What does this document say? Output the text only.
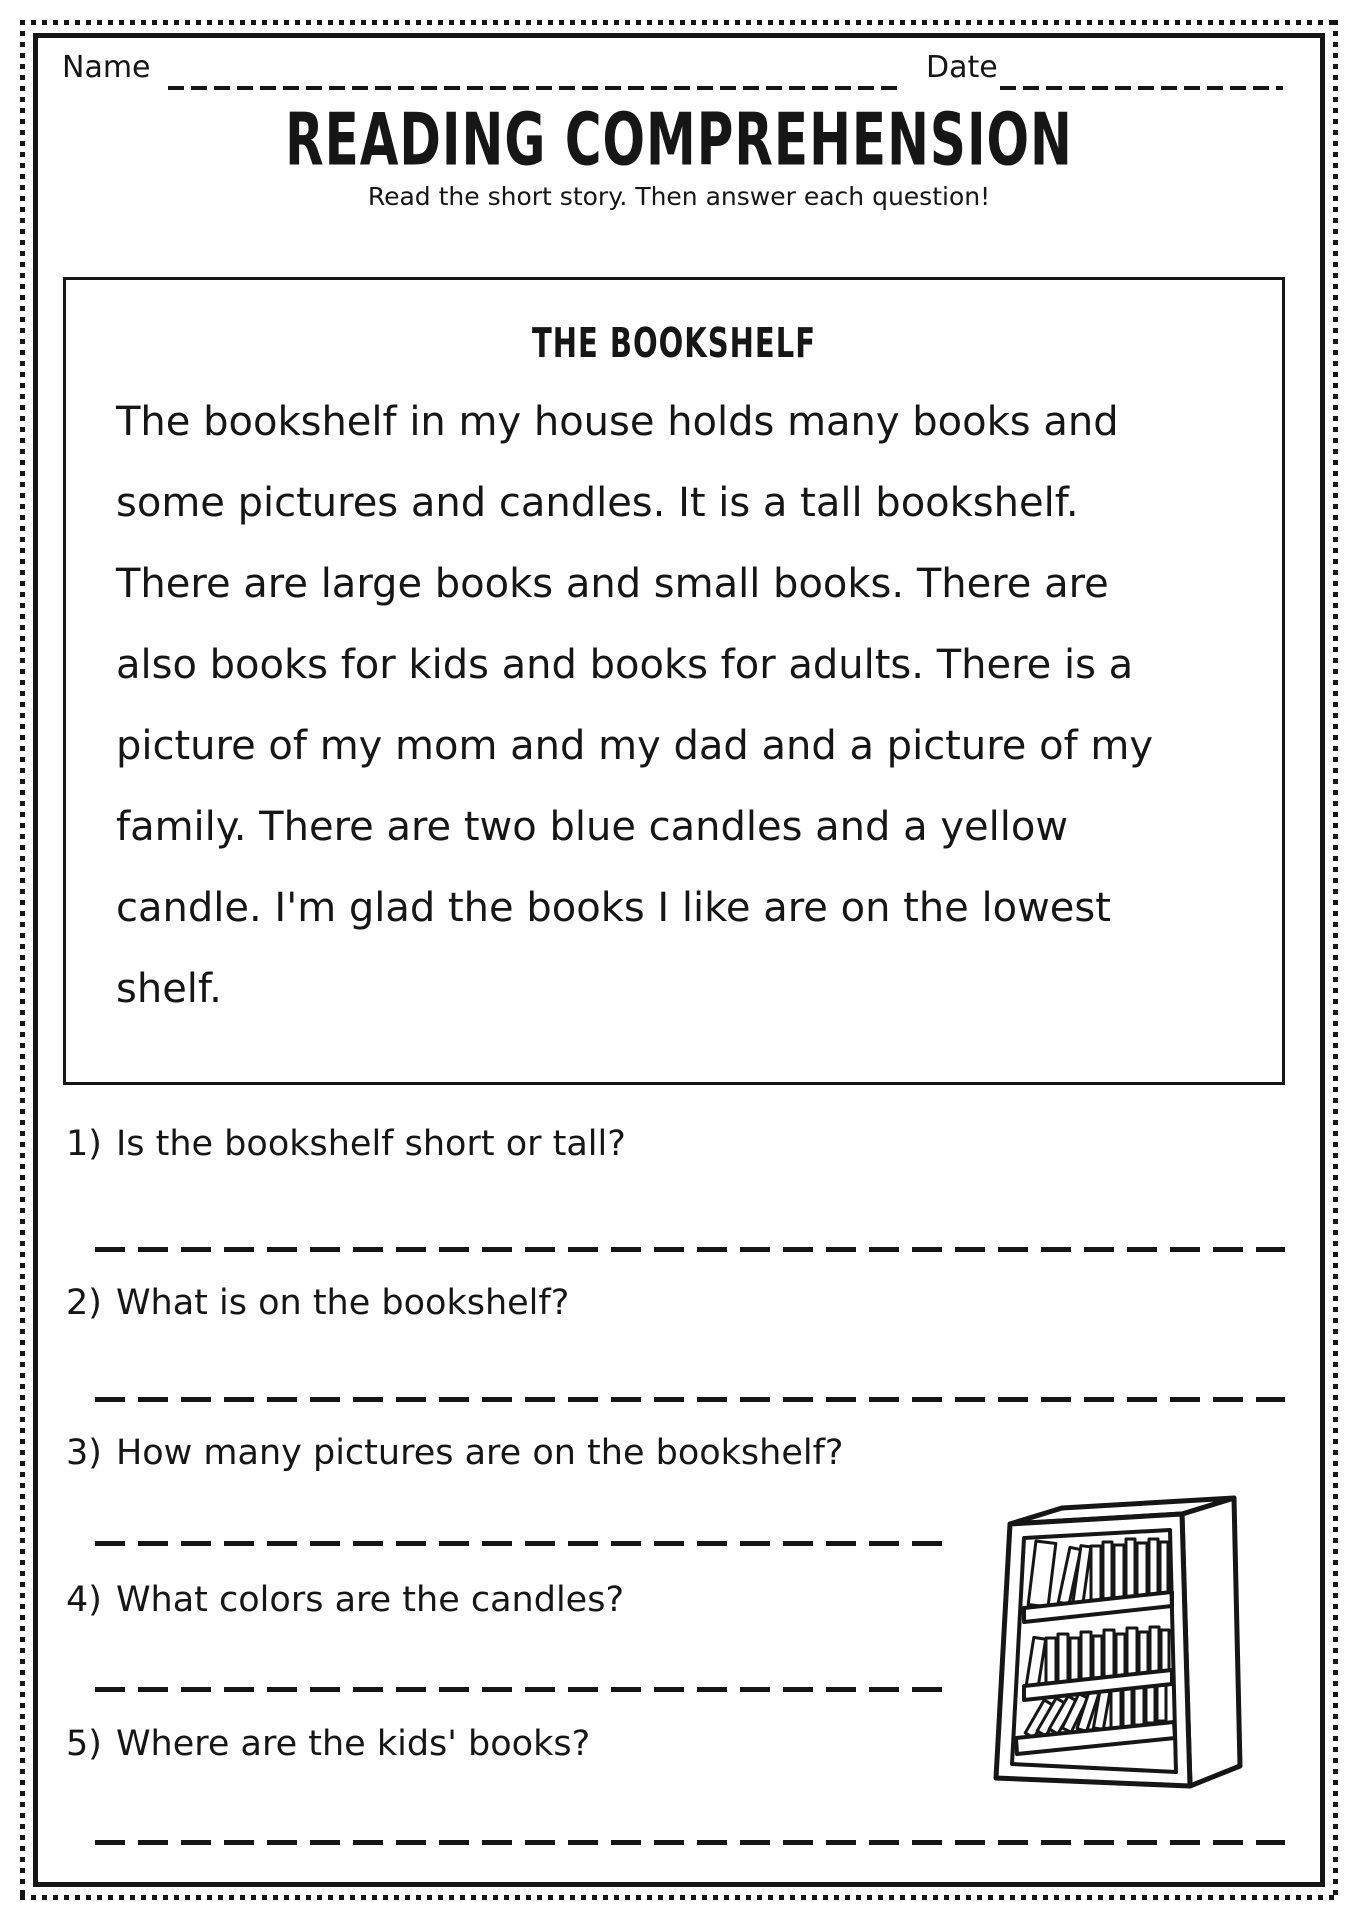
Name	Date
READING COMPREHENSION
Read the short story. Then answer each question!
THE BOOKSHELF
The bookshelf in my house holds many books and
some pictures and candles. It is a tall bookshelf.
There are large books and small books. There are
also books for kids and books for adults. There is a
picture of my mom and my dad and a picture of my
family. There are two blue candles and a yellow
candle. I'm glad the books I like are on the lowest
shelf.
1) Is the bookshelf short or tall?
2) What is on the bookshelf?
3) How many pictures are on the bookshelf?
4) What colors are the candles?
5) Where are the kids' books?
